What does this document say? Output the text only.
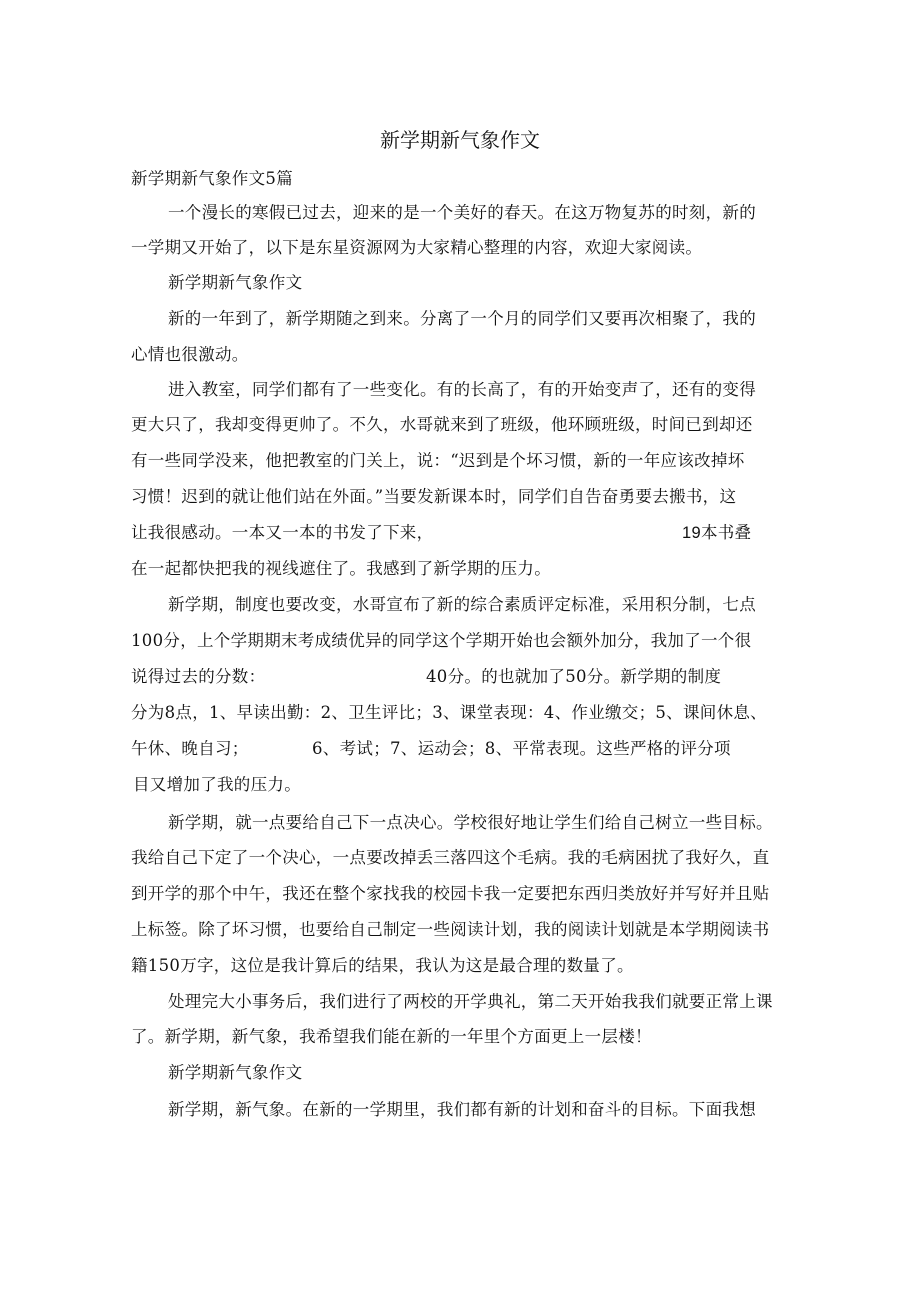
新学期新气象作文
新学期新气象作文5篇
一个漫长的寒假已过去，迎来的是一个美好的春天。在这万物复苏的时刻，新的
一学期又开始了，以下是东星资源网为大家精心整理的内容，欢迎大家阅读。
新学期新气象作文
新的一年到了，新学期随之到来。分离了一个月的同学们又要再次相聚了，我的
心情也很激动。
进入教室，同学们都有了一些变化。有的长高了，有的开始变声了，还有的变得
更大只了，我却变得更帅了。不久，水哥就来到了班级，他环顾班级，时间已到却还
有一些同学没来，他把教室的门关上，说：“迟到是个坏习惯，新的一年应该改掉坏
习惯！迟到的就让他们站在外面。”当要发新课本时，同学们自告奋勇要去搬书，这
让我很感动。一本又一本的书发了下来，	19本书叠
在一起都快把我的视线遮住了。我感到了新学期的压力。
新学期，制度也要改变，水哥宣布了新的综合素质评定标准，采用积分制，七点
100分，上个学期期末考成绩优异的同学这个学期开始也会额外加分，我加了一个很
说得过去的分数：	40分。的也就加了50分。新学期的制度
分为8点，1、早读出勤：2、卫生评比；3、课堂表现：4、作业缴交；5、课间休息、
午休、晚自习；	6、考试；7、运动会；8、平常表现。这些严格的评分项
目又增加了我的压力。
新学期，就一点要给自己下一点决心。学校很好地让学生们给自己树立一些目标。
我给自己下定了一个决心，一点要改掉丢三落四这个毛病。我的毛病困扰了我好久，直
到开学的那个中午，我还在整个家找我的校园卡我一定要把东西归类放好并写好并且贴
上标签。除了坏习惯，也要给自己制定一些阅读计划，我的阅读计划就是本学期阅读书
籍150万字，这位是我计算后的结果，我认为这是最合理的数量了。
处理完大小事务后，我们进行了两校的开学典礼，第二天开始我我们就要正常上课
了。新学期，新气象，我希望我们能在新的一年里个方面更上一层楼！
新学期新气象作文
新学期，新气象。在新的一学期里，我们都有新的计划和奋斗的目标。下面我想
